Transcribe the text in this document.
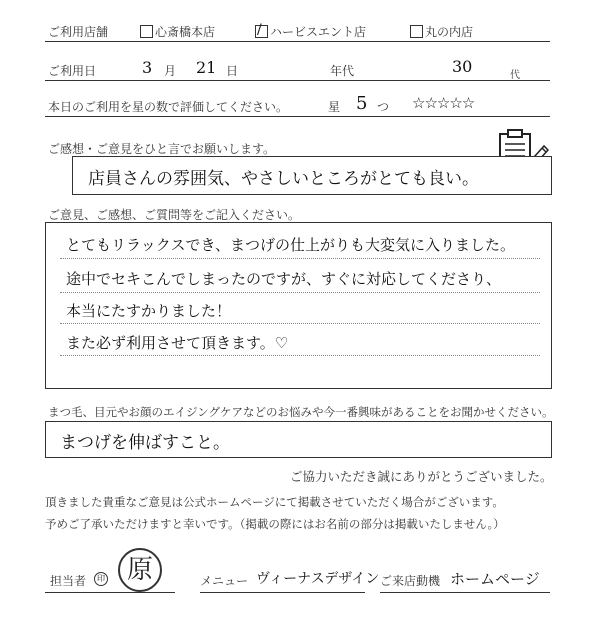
ご利用店舗	心斎橋本店	/ ハービスエント店	丸の内店
ご利用日	3 月 21 日	年代	30	代
本日のご利用を星の数で評価してください。	星 5 つ ☆☆☆☆☆
ご感想・ご意見をひと言でお願いします。
店員さんの雰囲気、やさしいところがとても良い。
ご意見、ご感想、ご質問等をご記入ください。
とてもリラックスでき、まつげの仕上がりも大変気に入りました。
途中でセキこんでしまったのですが、すぐに対応してくださり、
本当にたすかりました！
また必ず利用させて頂きます。♡
まつ毛、目元やお顔のエイジングケアなどのお悩みや今一番興味があることをお聞かせください。
まつげを伸ばすこと。
ご協力いただき誠にありがとうございました。
頂きました貴重なご意見は公式ホームページにて掲載させていただく場合がございます。
予めご了承いただけますと幸いです。（掲載の際にはお名前の部分は掲載いたしません。）
担当者	印 原	メニュー ヴィーナスデザイン ご来店動機 ホームページ
